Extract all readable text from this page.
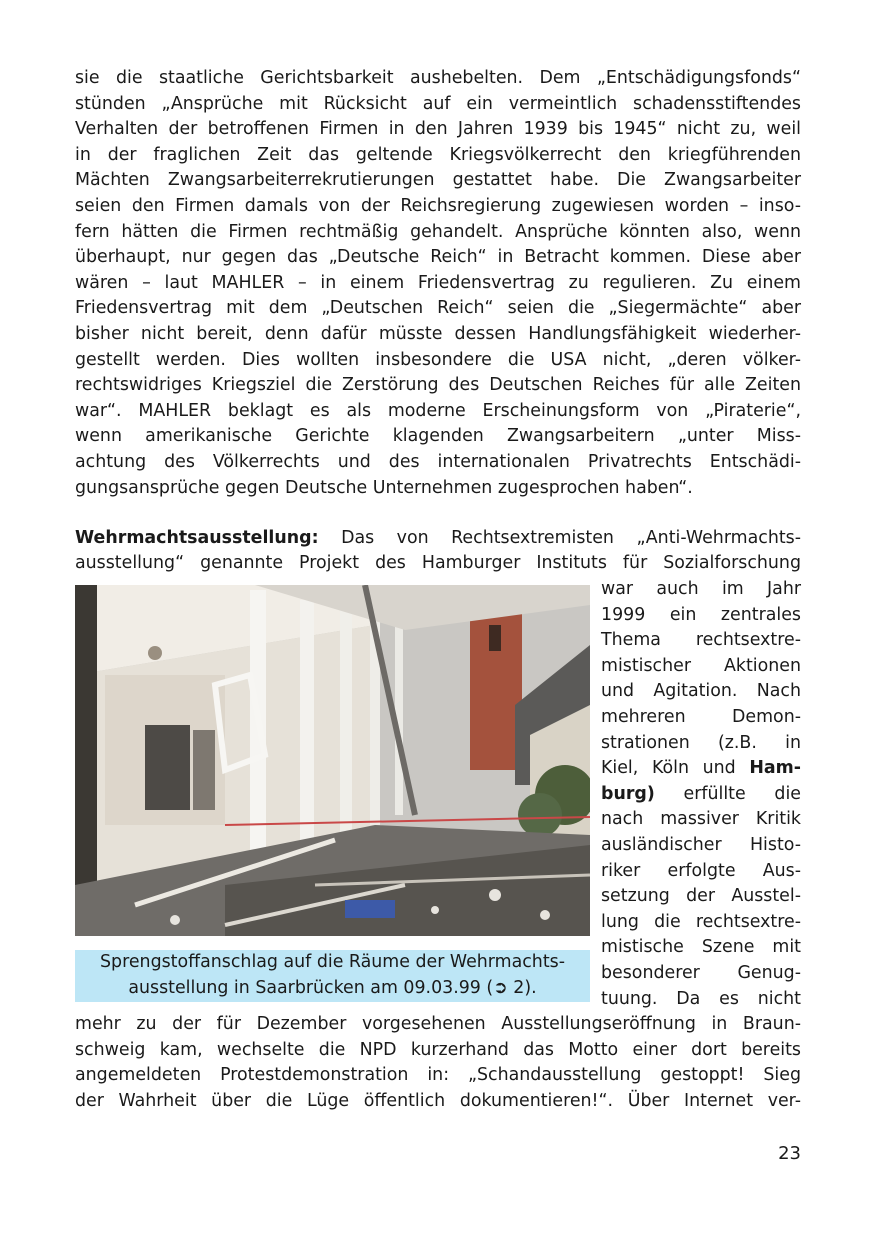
sie die staatliche Gerichtsbarkeit aushebelten. Dem „Entschädigungsfonds“
stünden „Ansprüche mit Rücksicht auf ein vermeintlich schadensstiftendes
Verhalten der betroffenen Firmen in den Jahren 1939 bis 1945“ nicht zu, weil
in der fraglichen Zeit das geltende Kriegsvölkerrecht den kriegführenden
Mächten Zwangsarbeiterrekrutierungen gestattet habe. Die Zwangsarbeiter
seien den Firmen damals von der Reichsregierung zugewiesen worden – inso-
fern hätten die Firmen rechtmäßig gehandelt. Ansprüche könnten also, wenn
überhaupt, nur gegen das „Deutsche Reich“ in Betracht kommen. Diese aber
wären – laut MAHLER – in einem Friedensvertrag zu regulieren. Zu einem
Friedensvertrag mit dem „Deutschen Reich“ seien die „Siegermächte“ aber
bisher nicht bereit, denn dafür müsste dessen Handlungsfähigkeit wiederher-
gestellt werden. Dies wollten insbesondere die USA nicht, „deren völker-
rechtswidriges Kriegsziel die Zerstörung des Deutschen Reiches für alle Zeiten
war“. MAHLER beklagt es als moderne Erscheinungsform von „Piraterie“,
wenn amerikanische Gerichte klagenden Zwangsarbeitern „unter Miss-
achtung des Völkerrechts und des internationalen Privatrechts Entschädi-
gungsansprüche gegen Deutsche Unternehmen zugesprochen haben“.
Wehrmachtsausstellung: Das von Rechtsextremisten „Anti-Wehrmachts-
ausstellung“ genannte Projekt des Hamburger Instituts für Sozialforschung
war auch im Jahr
1999 ein zentrales
Thema rechtsextre-
mistischer Aktionen
und Agitation. Nach
mehreren Demon-
strationen (z.B. in
Kiel, Köln und Ham-
burg) erfüllte die
nach massiver Kritik
ausländischer Histo-
riker erfolgte Aus-
setzung der Ausstel-
lung die rechtsextre-
mistische Szene mit
besonderer Genug-
tuung. Da es nicht
mehr zu der für Dezember vorgesehenen Ausstellungseröffnung in Braun-
schweig kam, wechselte die NPD kurzerhand das Motto einer dort bereits
angemeldeten Protestdemonstration in: „Schandausstellung gestoppt! Sieg
der Wahrheit über die Lüge öffentlich dokumentieren!“. Über Internet ver-
Sprengstoffanschlag auf die Räume der Wehrmachts-
ausstellung in Saarbrücken am 09.03.99 (➲ 2).
23
